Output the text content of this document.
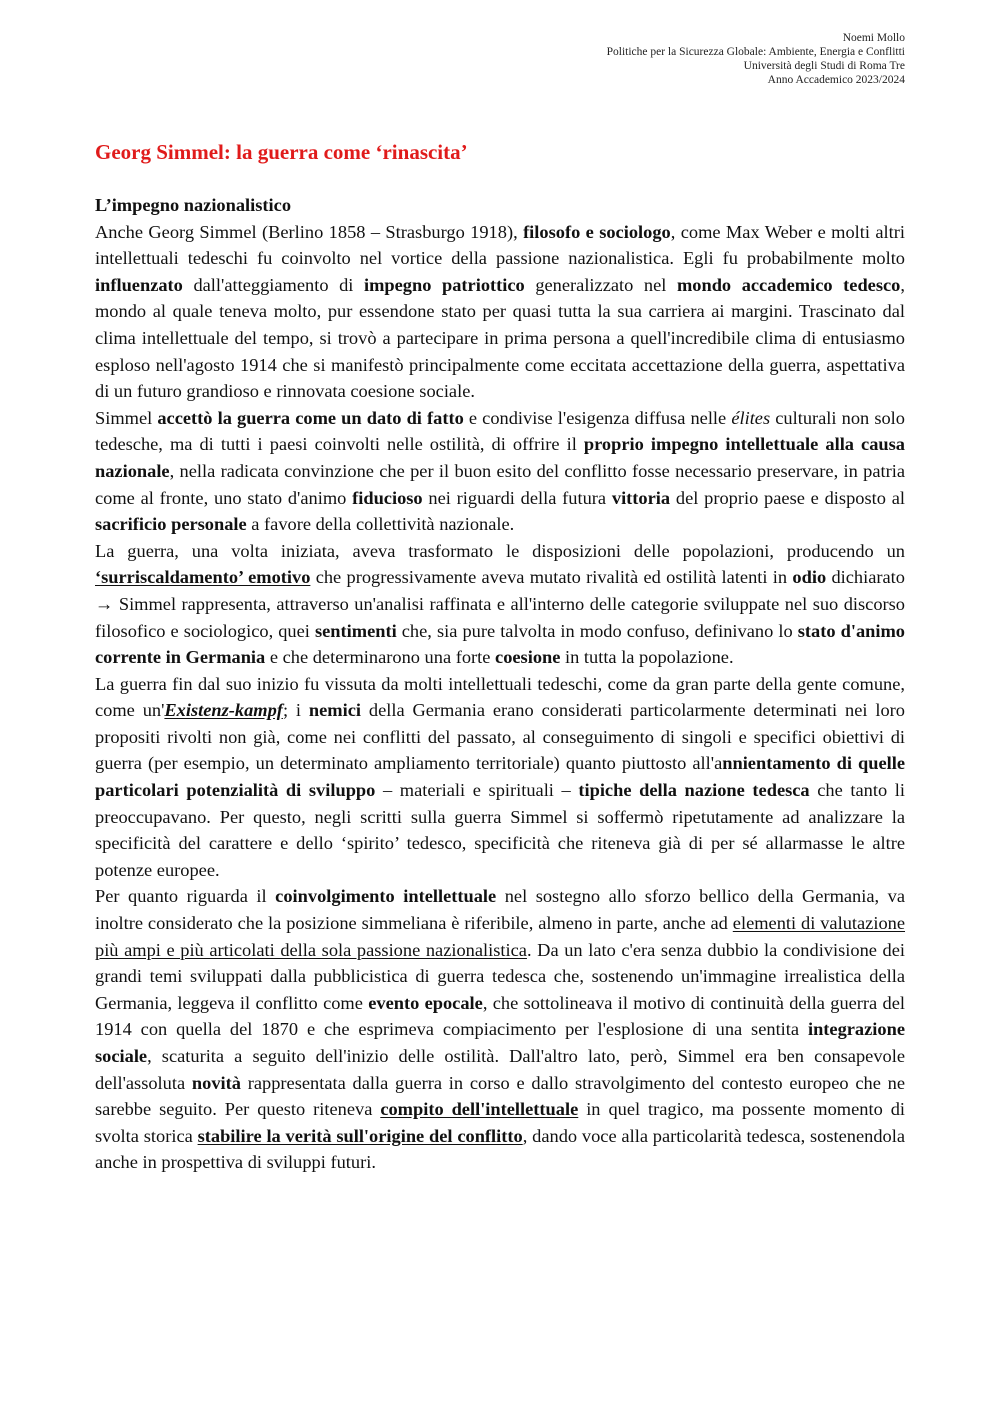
Noemi Mollo
Politiche per la Sicurezza Globale: Ambiente, Energia e Conflitti
Università degli Studi di Roma Tre
Anno Accademico 2023/2024
Georg Simmel: la guerra come ‘rinascita’
L’impegno nazionalistico

Anche Georg Simmel (Berlino 1858 – Strasburgo 1918), filosofo e sociologo, come Max Weber e molti altri intellettuali tedeschi fu coinvolto nel vortice della passione nazionalistica. Egli fu probabilmente molto influenzato dall'atteggiamento di impegno patriottico generalizzato nel mondo accademico tedesco, mondo al quale teneva molto, pur essendone stato per quasi tutta la sua carriera ai margini. Trascinato dal clima intellettuale del tempo, si trovò a partecipare in prima persona a quell'incredibile clima di entusiasmo esploso nell'agosto 1914 che si manifestò principalmente come eccitata accettazione della guerra, aspettativa di un futuro grandioso e rinnovata coesione sociale.

Simmel accettò la guerra come un dato di fatto e condivise l'esigenza diffusa nelle élites culturali non solo tedesche, ma di tutti i paesi coinvolti nelle ostilità, di offrire il proprio impegno intellettuale alla causa nazionale, nella radicata convinzione che per il buon esito del conflitto fosse necessario preservare, in patria come al fronte, uno stato d'animo fiducioso nei riguardi della futura vittoria del proprio paese e disposto al sacrificio personale a favore della collettività nazionale.

La guerra, una volta iniziata, aveva trasformato le disposizioni delle popolazioni, producendo un ‘surriscaldamento’ emotivo che progressivamente aveva mutato rivalità ed ostilità latenti in odio dichiarato → Simmel rappresenta, attraverso un'analisi raffinata e all'interno delle categorie sviluppate nel suo discorso filosofico e sociologico, quei sentimenti che, sia pure talvolta in modo confuso, definivano lo stato d'animo corrente in Germania e che determinarono una forte coesione in tutta la popolazione.

La guerra fin dal suo inizio fu vissuta da molti intellettuali tedeschi, come da gran parte della gente comune, come un'Existenz-kampf; i nemici della Germania erano considerati particolarmente determinati nei loro propositi rivolti non già, come nei conflitti del passato, al conseguimento di singoli e specifici obiettivi di guerra (per esempio, un determinato ampliamento territoriale) quanto piuttosto all'annientamento di quelle particolari potenzialità di sviluppo – materiali e spirituali – tipiche della nazione tedesca che tanto li preoccupavano. Per questo, negli scritti sulla guerra Simmel si soffermò ripetutamente ad analizzare la specificità del carattere e dello ‘spirito’ tedesco, specificità che riteneva già di per sé allarmasse le altre potenze europee.

Per quanto riguarda il coinvolgimento intellettuale nel sostegno allo sforzo bellico della Germania, va inoltre considerato che la posizione simmeliana è riferibile, almeno in parte, anche ad elementi di valutazione più ampi e più articolati della sola passione nazionalistica. Da un lato c'era senza dubbio la condivisione dei grandi temi sviluppati dalla pubblicistica di guerra tedesca che, sostenendo un'immagine irrealistica della Germania, leggeva il conflitto come evento epocale, che sottolineava il motivo di continuità della guerra del 1914 con quella del 1870 e che esprimeva compiacimento per l'esplosione di una sentita integrazione sociale, scaturita a seguito dell'inizio delle ostilità. Dall'altro lato, però, Simmel era ben consapevole dell'assoluta novità rappresentata dalla guerra in corso e dallo stravolgimento del contesto europeo che ne sarebbe seguito. Per questo riteneva compito dell'intellettuale in quel tragico, ma possente momento di svolta storica stabilire la verità sull'origine del conflitto, dando voce alla particolarità tedesca, sostenendola anche in prospettiva di sviluppi futuri.
